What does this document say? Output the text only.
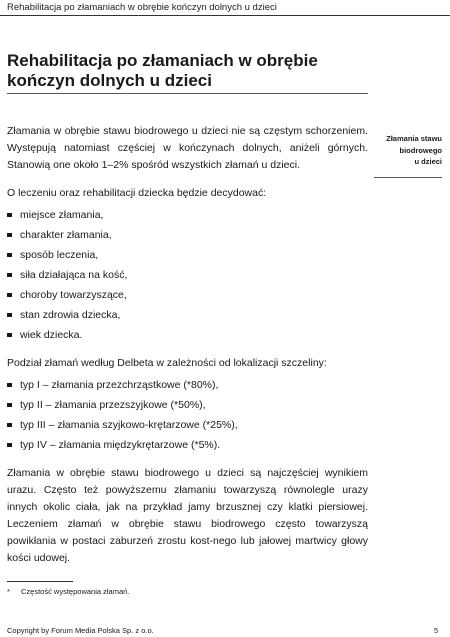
Rehabilitacja po złamaniach w obrębie kończyn dolnych u dzieci
Rehabilitacja po złamaniach w obrębie
kończyn dolnych u dzieci
Złamania stawu
biodrowego
u dzieci

Złamania w obrębie stawu biodrowego u dzieci nie są częstym schorzeniem. Występują natomiast częściej w kończynach dolnych, aniżeli górnych. Stanowią one około 1–2% spośród wszystkich złamań u dzieci.

O leczeniu oraz rehabilitacji dziecka będzie decydować:

miejsce złamania,
charakter złamania,
sposób leczenia,
siła działająca na kość,
choroby towarzyszące,
stan zdrowia dziecka,
wiek dziecka.

Podział złamań według Delbeta w zależności od lokalizacji szczeliny:

typ I – złamania przezchrząstkowe (*80%),
typ II – złamania przezszyjkowe (*50%),
typ III – złamania szyjkowo-krętarzowe (*25%),
typ IV – złamania międzykrętarzowe (*5%).

Złamania w obrębie stawu biodrowego u dzieci są najczęściej wynikiem urazu. Często też powyższemu złamaniu towarzyszą równolegle urazy innych okolic ciała, jak na przykład jamy brzusznej czy klatki piersiowej. Leczeniem złamań w obrębie stawu biodrowego często towarzyszą powikłania w postaci zaburzeń zrostu kost-nego lub jałowej martwicy głowy kości udowej.

* Częstość występowania złamań.
Copyright by Forum Media Polska Sp. z o.o.	5
